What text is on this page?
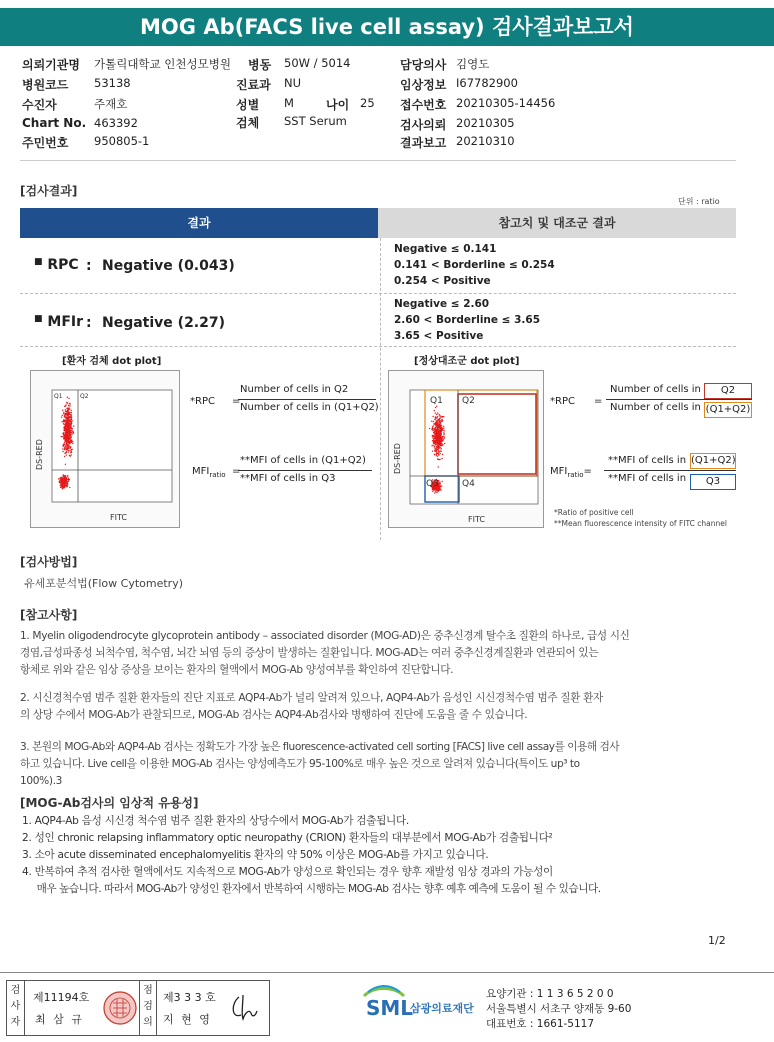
MOG Ab(FACS live cell assay) 검사결과보고서
의뢰기관명 가톨릭대학교 인천성모병원 병동 50W / 5014	담당의사 김영도
병원코드 53138	진료과 NU	임상정보 I67782900
수진자	주재호	성별 M	나이 25 접수번호 20210305-14456
Chart No. 463392	검체 SST Serum	검사의뢰 20210305
주민번호 950805-1	결과보고 20210310
[검사결과]
단위 : ratio
결과	참고치 및 대조군 결과
■ RPC : Negative (0.043)
Negative ≤ 0.141
0.141 < Borderline ≤ 0.254
0.254 < Positive
■ MFIr : Negative (2.27)
Negative ≤ 2.60
2.60 < Borderline ≤ 3.65
3.65 < Positive
[환자 검체 dot plot]
Q1	Q2
DS-RED
FITC
*RPC =
Number of cells in Q2
Number of cells in (Q1+Q2)
$MFI_{ratio}$ =
**MFI of cells in (Q1+Q2)
**MFI of cells in Q3
[정상대조군 dot plot]
Q1 Q2
Q3	Q4
DS-RED
FITC
*RPC =
Number of cells in	Q2
Number of cells in (Q1+Q2)
$MFI_{ratio}=$
**MFI of cells in (Q1+Q2)
**MFI of cells in	Q3
*Ratio of positive cell
**Mean fluorescence intensity of FITC channel
[검사방법]
유세포분석법(Flow Cytometry)
[참고사항]
1. Myelin oligodendrocyte glycoprotein antibody – associated disorder (MOG-AD)은 중추신경계 탈수초 질환의 하나로, 급성 시신
경염,급성파종성 뇌척수염, 척수염, 뇌간 뇌염 등의 증상이 발생하는 질환입니다. MOG-AD는 여러 중추신경계질환과 연관되어 있는
항체로 위와 같은 임상 증상을 보이는 환자의 혈액에서 MOG-Ab 양성여부를 확인하여 진단합니다.
2. 시신경척수염 범주 질환 환자들의 진단 지표로 AQP4-Ab가 널리 알려져 있으나, AQP4-Ab가 음성인 시신경척수염 범주 질환 환자
의 상당 수에서 MOG-Ab가 관찰되므로, MOG-Ab 검사는 AQP4-Ab검사와 병행하여 진단에 도움을 줄 수 있습니다.
3. 본원의 MOG-Ab와 AQP4-Ab 검사는 정확도가 가장 높은 fluorescence-activated cell sorting [FACS] live cell assay를 이용해 검사
하고 있습니다. Live cell을 이용한 MOG-Ab 검사는 양성예측도가 95-100%로 매우 높은 것으로 알려져 있습니다(특이도 up³ to
100%).3
[MOG-Ab검사의 임상적 유용성]
1. AQP4-Ab 음성 시신경 척수염 범주 질환 환자의 상당수에서 MOG-Ab가 검출됩니다.
2. 성인 chronic relapsing inflammatory optic neuropathy (CRION) 환자들의 대부분에서 MOG-Ab가 검출됩니다²
3. 소아 acute disseminated encephalomyelitis 환자의 약 50% 이상은 MOG-Ab를 가지고 있습니다.
4. 반복하여 추적 검사한 혈액에서도 지속적으로 MOG-Ab가 양성으로 확인되는 경우 향후 재발성 임상 경과의 가능성이
매우 높습니다. 따라서 MOG-Ab가 양성인 환자에서 반복하여 시행하는 MOG-Ab 검사는 향후 예후 예측에 도움이 될 수 있습니다.
1/2
검
사
자
제11194호
최 삼 규
점
검
의
제3 3 3 호
지 현 영	SML
삼광의료재단
요양기관 : 1 1 3 6 5 2 0 0
서울특별시 서초구 양재동 9-60
대표번호 : 1661-5117
